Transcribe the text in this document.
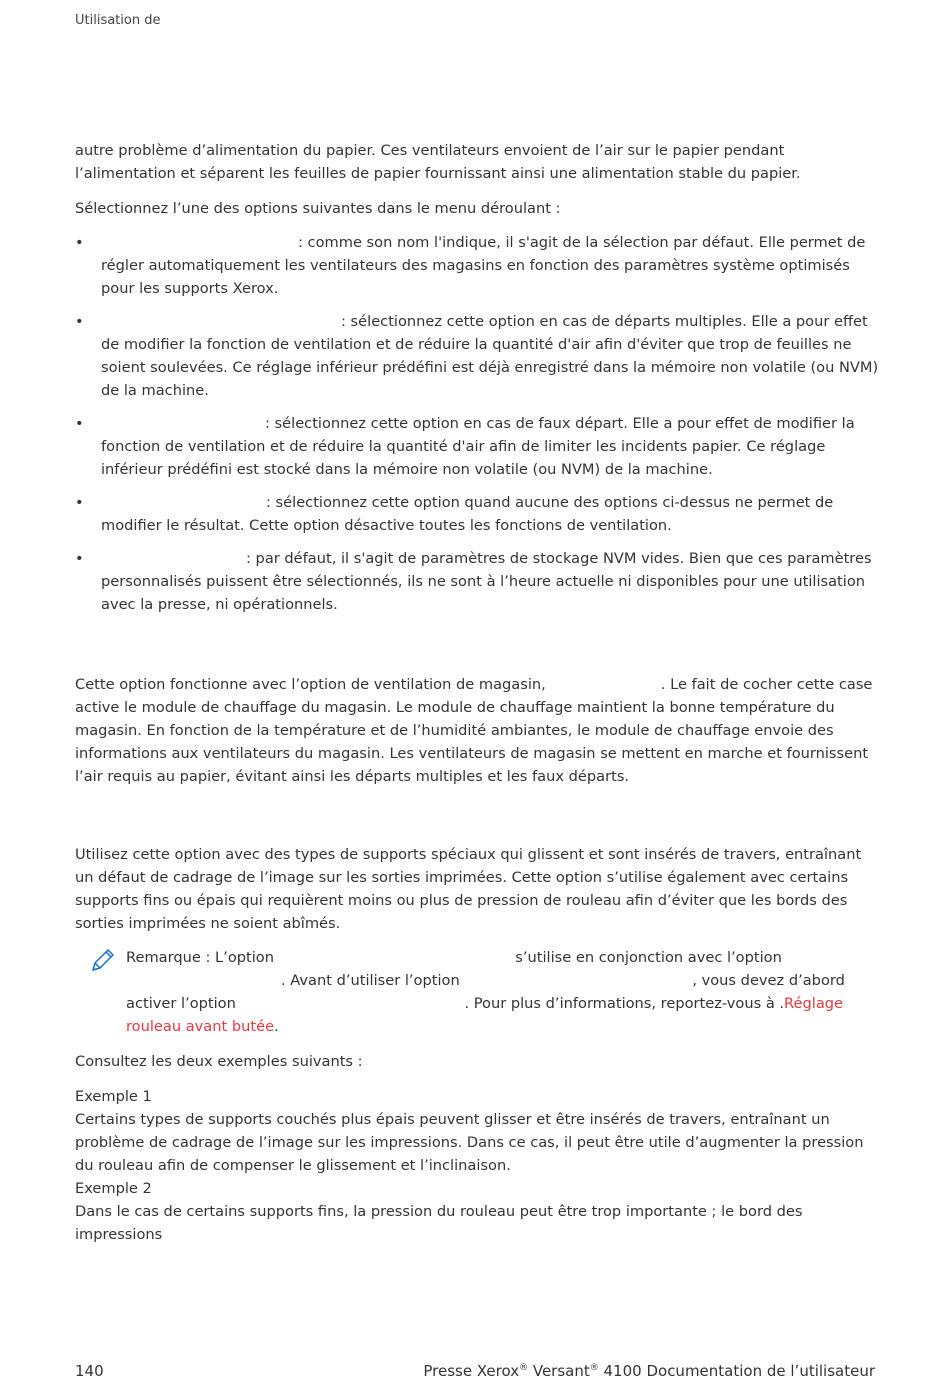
Utilisation de

autre problème d’alimentation du papier. Ces ventilateurs envoient de l’air sur le papier pendant l’alimentation et séparent les feuilles de papier fournissant ainsi une alimentation stable du papier.

Sélectionnez l’une des options suivantes dans le menu déroulant :

•	: comme son nom l'indique, il s'agit de la sélection par défaut. Elle permet de régler automatiquement les ventilateurs des magasins en fonction des paramètres système optimisés pour les supports Xerox.
•	: sélectionnez cette option en cas de départs multiples. Elle a pour effet de modifier la fonction de ventilation et de réduire la quantité d'air afin d'éviter que trop de feuilles ne soient soulevées. Ce réglage inférieur prédéfini est déjà enregistré dans la mémoire non volatile (ou NVM) de la machine.
•	: sélectionnez cette option en cas de faux départ. Elle a pour effet de modifier la fonction de ventilation et de réduire la quantité d'air afin de limiter les incidents papier. Ce réglage inférieur prédéfini est stocké dans la mémoire non volatile (ou NVM) de la machine.
•	: sélectionnez cette option quand aucune des options ci-dessus ne permet de modifier le résultat. Cette option désactive toutes les fonctions de ventilation.
•	: par défaut, il s'agit de paramètres de stockage NVM vides. Bien que ces paramètres personnalisés puissent être sélectionnés, ils ne sont à l’heure actuelle ni disponibles pour une utilisation avec la presse, ni opérationnels.

Cette option fonctionne avec l’option de ventilation de magasin,	. Le fait de cocher cette case active le module de chauffage du magasin. Le module de chauffage maintient la bonne température du magasin. En fonction de la température et de l’humidité ambiantes, le module de chauffage envoie des informations aux ventilateurs du magasin. Les ventilateurs de magasin se mettent en marche et fournissent l’air requis au papier, évitant ainsi les départs multiples et les faux départs.

Utilisez cette option avec des types de supports spéciaux qui glissent et sont insérés de travers, entraînant un défaut de cadrage de l’image sur les sorties imprimées. Cette option s’utilise également avec certains supports fins ou épais qui requièrent moins ou plus de pression de rouleau afin d’éviter que les bords des sorties imprimées ne soient abîmés.

Remarque : L’option	s’utilise en conjonction avec l’option . Avant d’utiliser l’option	, vous devez d’abord activer l’option	. Pour plus d’informations, reportez-vous à .Réglage rouleau avant butée.

Consultez les deux exemples suivants :

Exemple 1
Certains types de supports couchés plus épais peuvent glisser et être insérés de travers, entraînant un problème de cadrage de l’image sur les impressions. Dans ce cas, il peut être utile d’augmenter la pression du rouleau afin de compenser le glissement et l’inclinaison.
Exemple 2
Dans le cas de certains supports fins, la pression du rouleau peut être trop importante ; le bord des impressions
140	Presse Xerox® Versant® 4100 Documentation de l’utilisateur
